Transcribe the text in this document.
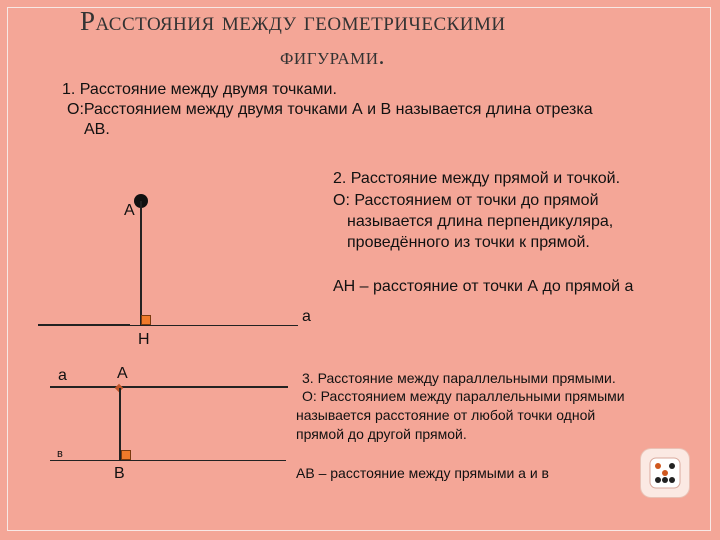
Расстояния между геометрическими
фигурами.
1. Расстояние между двумя точками.
О:Расстоянием между двумя точками А и В называется длина отрезка
АВ.
2. Расстояние между прямой и точкой.
О: Расстоянием от точки до прямой
называется длина перпендикуляра,
проведённого из точки к прямой.
АН – расстояние от точки А до прямой а
А
Н
а
а	А
в
В
3. Расстояние между параллельными прямыми.
О: Расстоянием между параллельными прямыми
называется расстояние от любой точки одной
прямой до другой прямой.
АВ – расстояние между прямыми а и в
